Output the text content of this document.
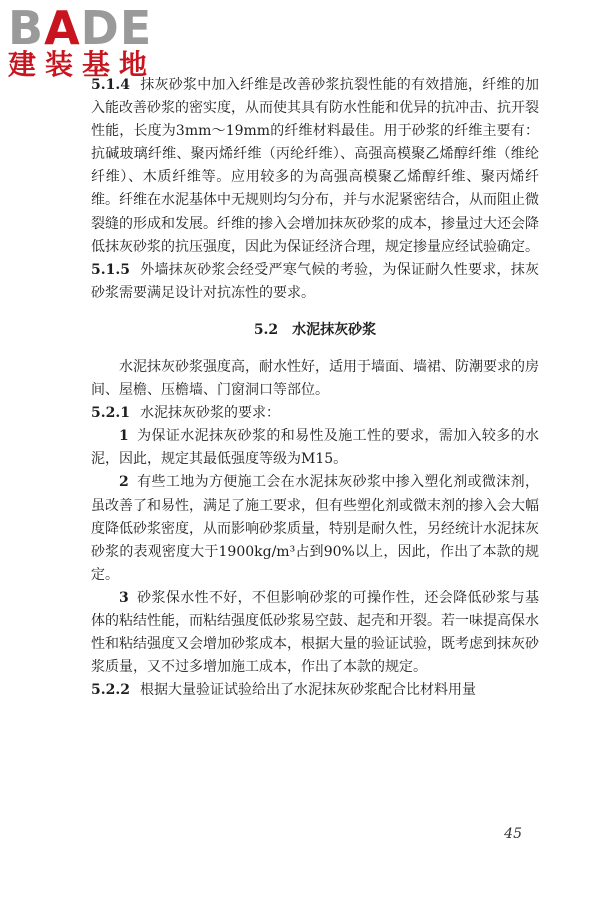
BADE
建装基地

5.1.4 抹灰砂浆中加入纤维是改善砂浆抗裂性能的有效措施，纤维的加入能改善砂浆的密实度，从而使其具有防水性能和优异的抗冲击、抗开裂性能，长度为3mm～19mm的纤维材料最佳。用于砂浆的纤维主要有：抗碱玻璃纤维、聚丙烯纤维（丙纶纤维）、高强高模聚乙烯醇纤维（维纶纤维）、木质纤维等。应用较多的为高强高模聚乙烯醇纤维、聚丙烯纤维。纤维在水泥基体中无规则均匀分布，并与水泥紧密结合，从而阻止微裂缝的形成和发展。纤维的掺入会增加抹灰砂浆的成本，掺量过大还会降低抹灰砂浆的抗压强度，因此为保证经济合理，规定掺量应经试验确定。

5.1.5 外墙抹灰砂浆会经受严寒气候的考验，为保证耐久性要求，抹灰砂浆需要满足设计对抗冻性的要求。

5.2 水泥抹灰砂浆

水泥抹灰砂浆强度高，耐水性好，适用于墙面、墙裙、防潮要求的房间、屋檐、压檐墙、门窗洞口等部位。

5.2.1 水泥抹灰砂浆的要求：

1 为保证水泥抹灰砂浆的和易性及施工性的要求，需加入较多的水泥，因此，规定其最低强度等级为M15。

2 有些工地为方便施工会在水泥抹灰砂浆中掺入塑化剂或微沫剂，虽改善了和易性，满足了施工要求，但有些塑化剂或微末剂的掺入会大幅度降低砂浆密度，从而影响砂浆质量，特别是耐久性，另经统计水泥抹灰砂浆的表观密度大于1900kg/m³占到90%以上，因此，作出了本款的规定。

3 砂浆保水性不好，不但影响砂浆的可操作性，还会降低砂浆与基体的粘结性能，而粘结强度低砂浆易空鼓、起壳和开裂。若一味提高保水性和粘结强度又会增加砂浆成本，根据大量的验证试验，既考虑到抹灰砂浆质量，又不过多增加施工成本，作出了本款的规定。

5.2.2 根据大量验证试验给出了水泥抹灰砂浆配合比材料用量

45
